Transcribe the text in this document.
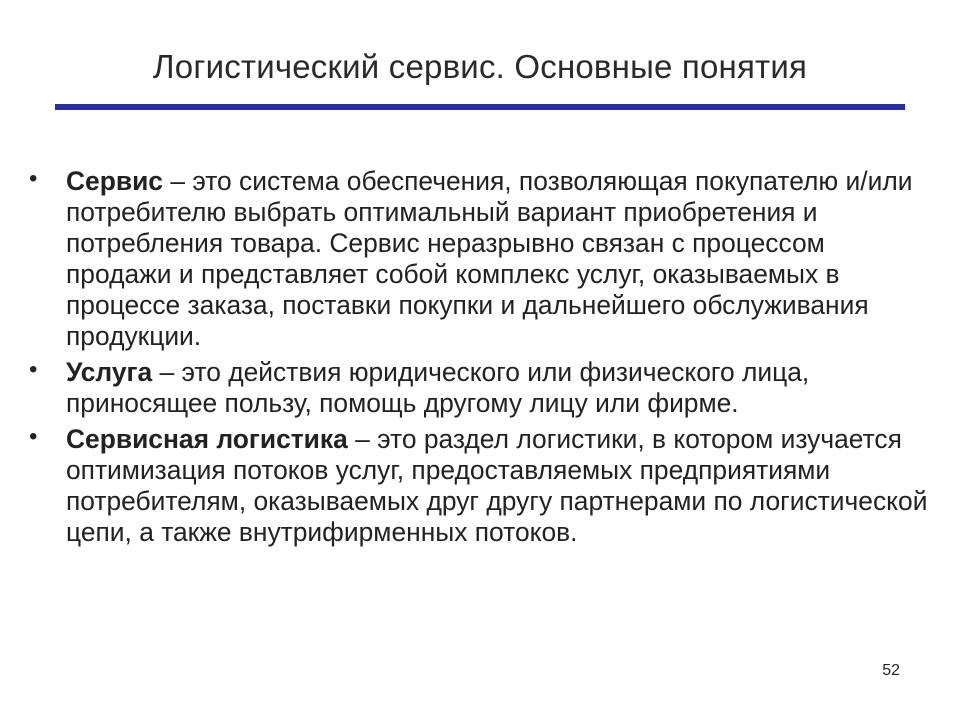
Логистический сервис. Основные понятия
• Сервис – это система обеспечения, позволяющая покупателю и/или потребителю выбрать оптимальный вариант приобретения и потребления товара. Сервис неразрывно связан с процессом продажи и представляет собой комплекс услуг, оказываемых в процессе заказа, поставки покупки и дальнейшего обслуживания продукции.
• Услуга – это действия юридического или физического лица, приносящее пользу, помощь другому лицу или фирме.
• Сервисная логистика – это раздел логистики, в котором изучается оптимизация потоков услуг, предоставляемых предприятиями потребителям, оказываемых друг другу партнерами по логистической цепи, а также внутрифирменных потоков.
52
